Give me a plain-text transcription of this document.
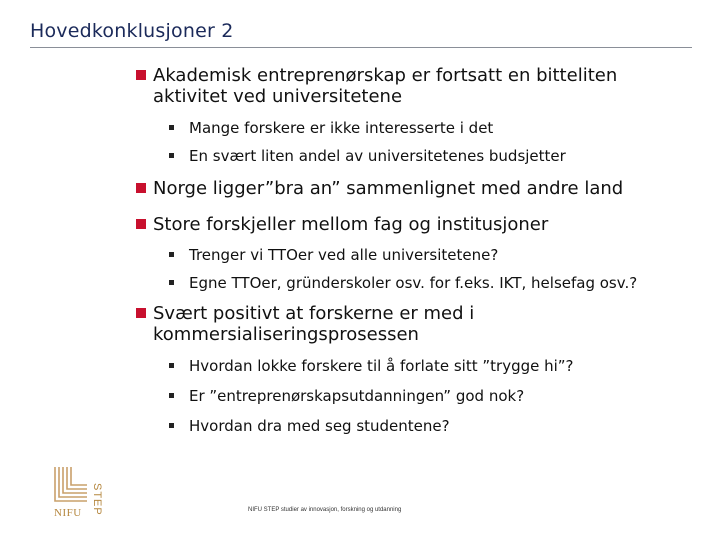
Hovedkonklusjoner 2
Akademisk entreprenørskap er fortsatt en bitteliten aktivitet ved universitetene
Mange forskere er ikke interesserte i det
En svært liten andel av universitetenes budsjetter
Norge ligger”bra an” sammenlignet med andre land
Store forskjeller mellom fag og institusjoner
Trenger vi TTOer ved alle universitetene?
Egne TTOer, gründerskoler osv. for f.eks. IKT, helsefag osv.?
Svært positivt at forskerne er med i kommersialiseringsprosessen
Hvordan lokke forskere til å forlate sitt ”trygge hi”?
Er ”entreprenørskapsutdanningen” god nok?
Hvordan dra med seg studentene?
NIFU STEP	NIFU STEP studier av innovasjon, forskning og utdanning
